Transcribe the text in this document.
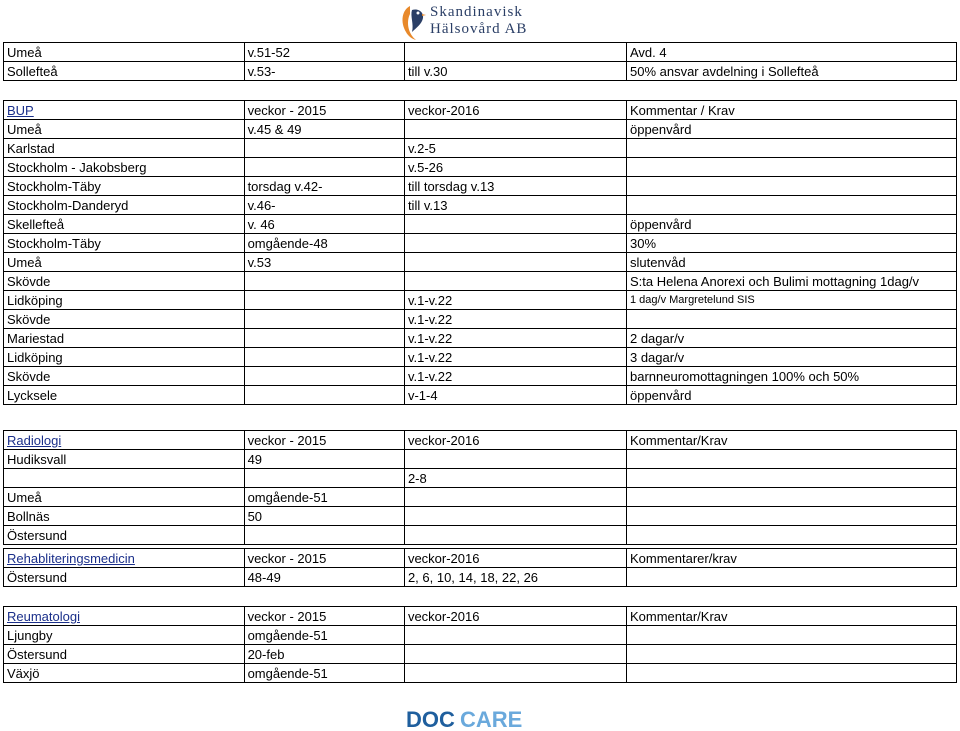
Skandinavisk
Hälsovård AB
Umeå	v.51-52		Avd. 4
Sollefteå	v.53-	till v.30	50% ansvar avdelning i Sollefteå
BUP	veckor - 2015	veckor-2016	Kommentar / Krav
Umeå	v.45 & 49		öppenvård
Karlstad		v.2-5	
Stockholm - Jakobsberg		v.5-26	
Stockholm-Täby	torsdag v.42-	till torsdag v.13	
Stockholm-Danderyd	v.46-	till v.13	
Skellefteå	v. 46		öppenvård
Stockholm-Täby	omgående-48		30%
Umeå	v.53		slutenvåd
Skövde			S:ta Helena Anorexi och Bulimi mottagning 1dag/v
Lidköping		v.1-v.22	1 dag/v Margretelund SIS
Skövde		v.1-v.22	
Mariestad		v.1-v.22	2 dagar/v
Lidköping		v.1-v.22	3 dagar/v
Skövde		v.1-v.22	barnneuromottagningen 100% och 50%
Lycksele		v-1-4	öppenvård
Radiologi	veckor - 2015	veckor-2016	Kommentar/Krav
Hudiksvall	49		
		2-8	
Umeå	omgående-51		
Bollnäs	50		
Östersund			
Rehabliteringsmedicin	veckor - 2015	veckor-2016	Kommentarer/krav
Östersund	48-49	2, 6, 10, 14, 18, 22, 26	
Reumatologi	veckor - 2015	veckor-2016	Kommentar/Krav
Ljungby	omgående-51		
Östersund	20-feb		
Växjö	omgående-51		
DOC CARE
